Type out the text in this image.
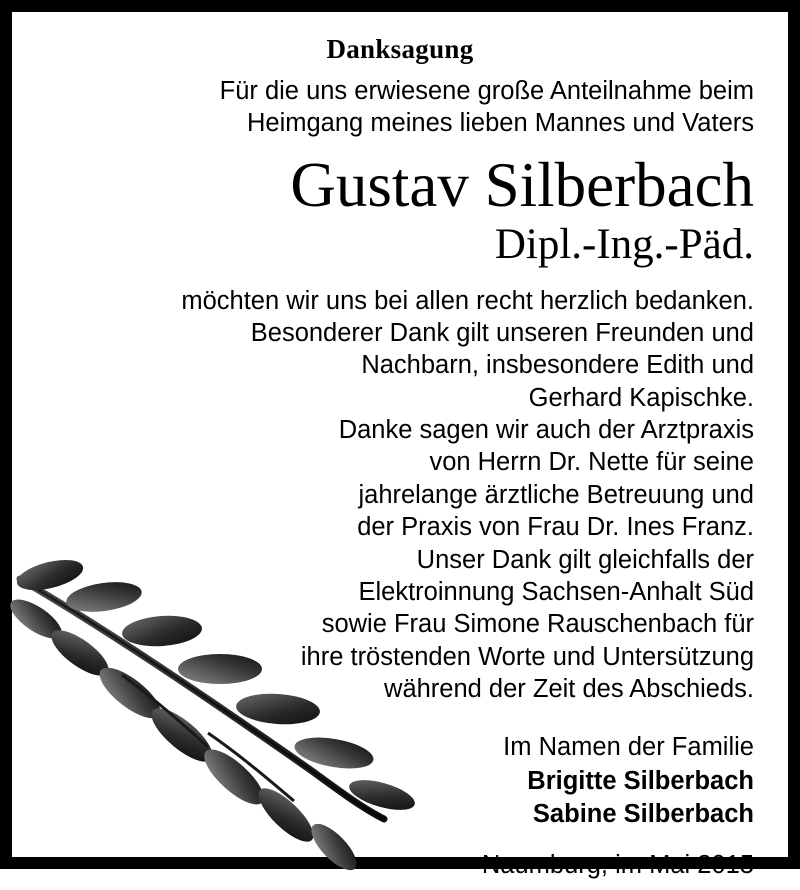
Danksagung
Für die uns erwiesene große Anteilnahme beim
Heimgang meines lieben Mannes und Vaters
Gustav Silberbach
Dipl.-Ing.-Päd.
möchten wir uns bei allen recht herzlich bedanken.
Besonderer Dank gilt unseren Freunden und
Nachbarn, insbesondere Edith und
Gerhard Kapischke.
Danke sagen wir auch der Arztpraxis
von Herrn Dr. Nette für seine
jahrelange ärztliche Betreuung und
der Praxis von Frau Dr. Ines Franz.
Unser Dank gilt gleichfalls der
Elektroinnung Sachsen-Anhalt Süd
sowie Frau Simone Rauschenbach für
ihre tröstenden Worte und Untersützung
während der Zeit des Abschieds.
Im Namen der Familie
Brigitte Silberbach
Sabine Silberbach
Naumburg, im Mai 2015
